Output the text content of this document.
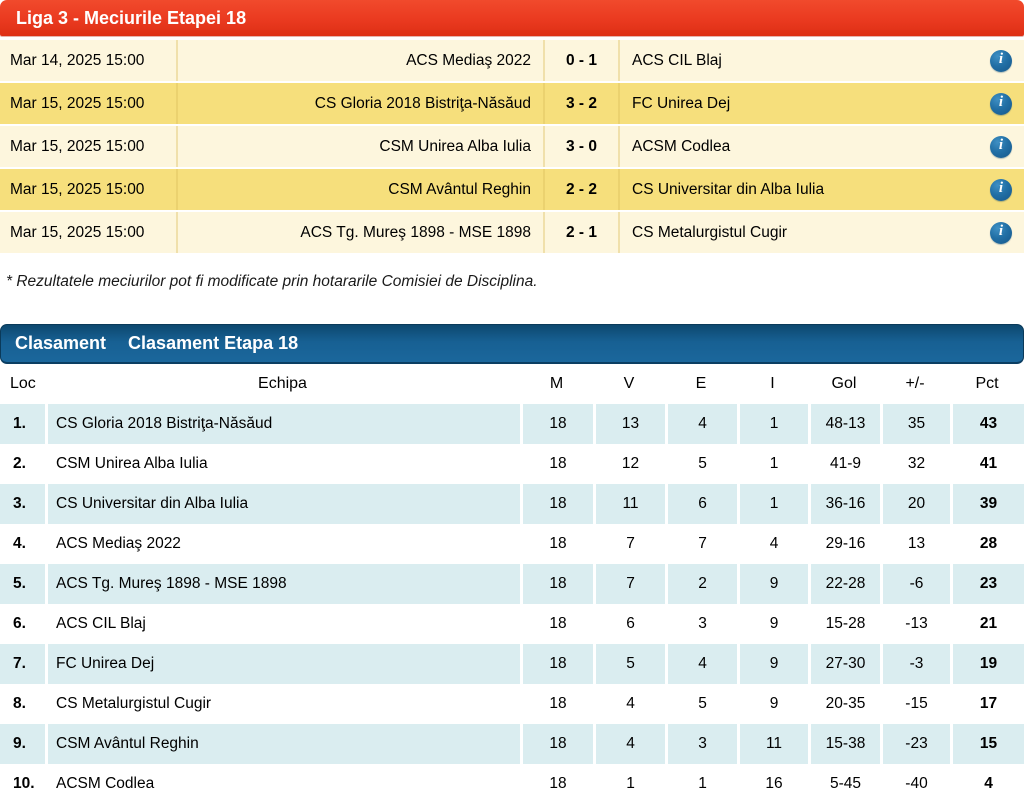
Liga 3 - Meciurile Etapei 18
Mar 14, 2025 15:00	ACS Mediaş 2022	0 - 1	ACS CIL Blaj	i
Mar 15, 2025 15:00	CS Gloria 2018 Bistriţa-Năsăud	3 - 2	FC Unirea Dej	i
Mar 15, 2025 15:00	CSM Unirea Alba Iulia	3 - 0	ACSM Codlea	i
Mar 15, 2025 15:00	CSM Avântul Reghin	2 - 2	CS Universitar din Alba Iulia	i
Mar 15, 2025 15:00	ACS Tg. Mureş 1898 - MSE 1898	2 - 1	CS Metalurgistul Cugir	i
* Rezultatele meciurilor pot fi modificate prin hotararile Comisiei de Disciplina.
Clasament Clasament Etapa 18
Loc	Echipa	M	V	E	I	Gol	+/-	Pct
1.	CS Gloria 2018 Bistriţa-Năsăud	18	13	4	1	48-13	35	43
2.	CSM Unirea Alba Iulia	18	12	5	1	41-9	32	41
3.	CS Universitar din Alba Iulia	18	11	6	1	36-16	20	39
4.	ACS Mediaş 2022	18	7	7	4	29-16	13	28
5.	ACS Tg. Mureş 1898 - MSE 1898	18	7	2	9	22-28	-6	23
6.	ACS CIL Blaj	18	6	3	9	15-28	-13	21
7.	FC Unirea Dej	18	5	4	9	27-30	-3	19
8.	CS Metalurgistul Cugir	18	4	5	9	20-35	-15	17
9.	CSM Avântul Reghin	18	4	3	11	15-38	-23	15
10.	ACSM Codlea	18	1	1	16	5-45	-40	4
